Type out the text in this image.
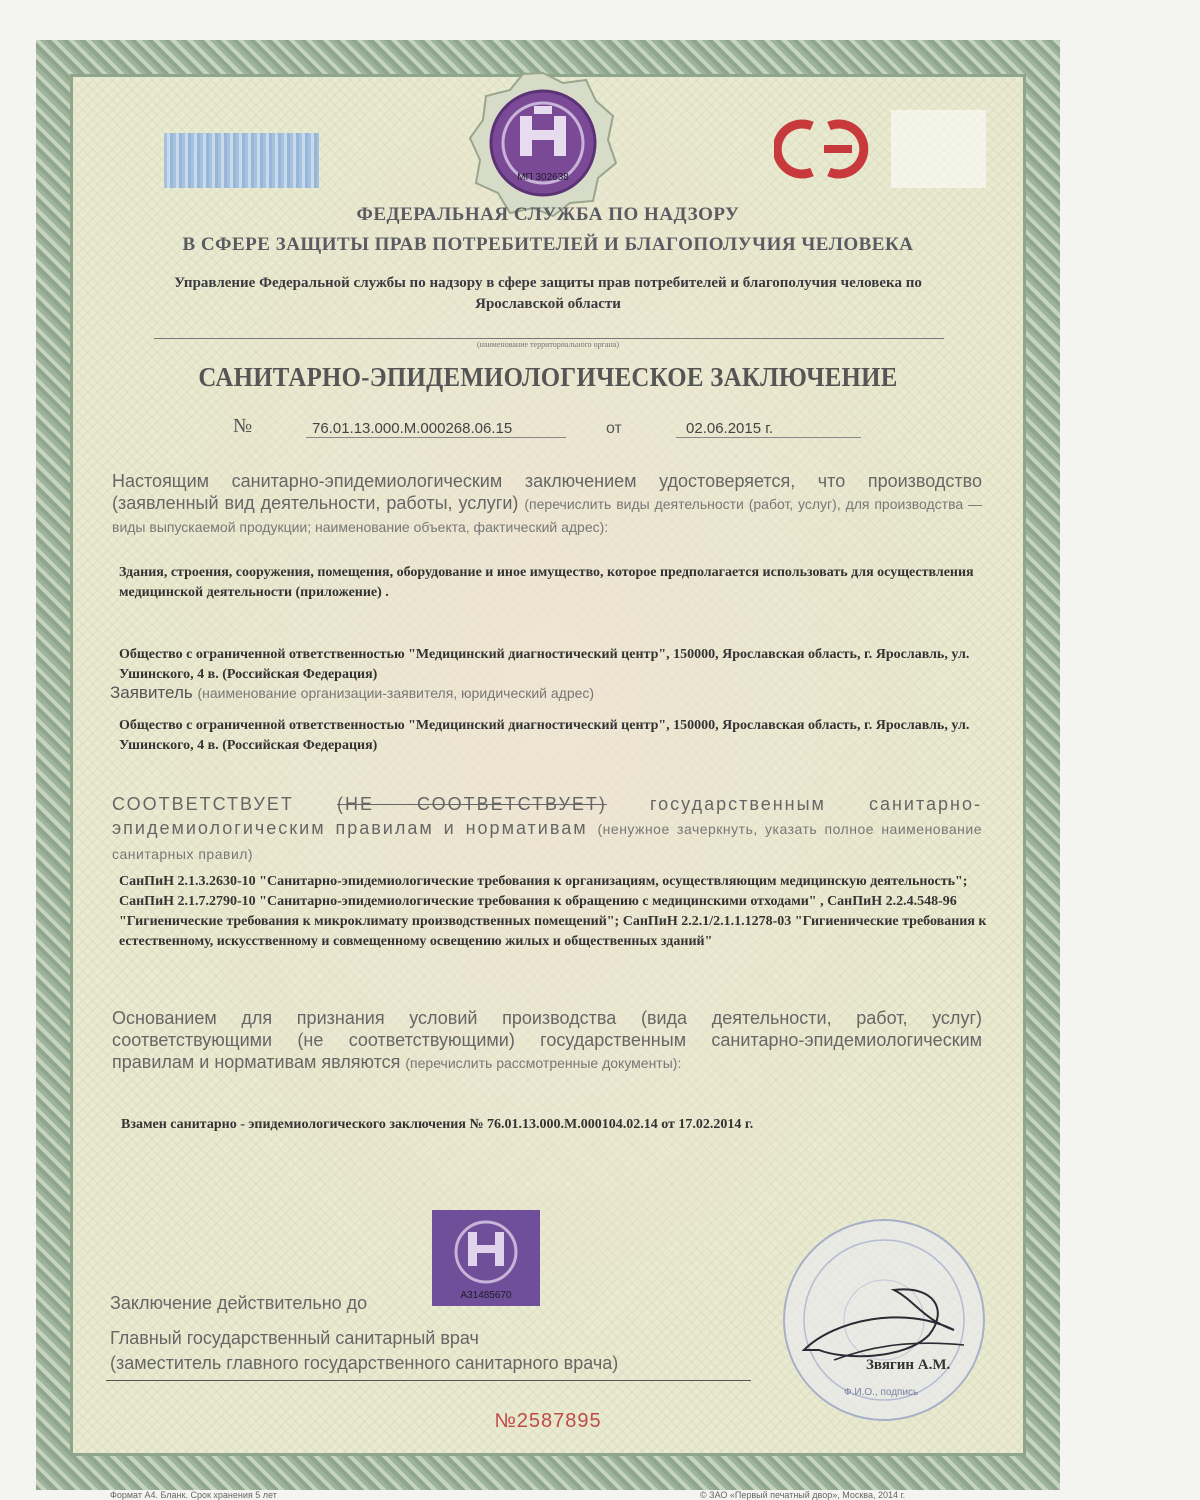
МП 302638
ФЕДЕРАЛЬНАЯ СЛУЖБА ПО НАДЗОРУ
В СФЕРЕ ЗАЩИТЫ ПРАВ ПОТРЕБИТЕЛЕЙ И БЛАГОПОЛУЧИЯ ЧЕЛОВЕКА
Управление Федеральной службы по надзору в сфере защиты прав потребителей и благополучия человека по
Ярославской области
(наименование территориального органа)
САНИТАРНО-ЭПИДЕМИОЛОГИЧЕСКОЕ ЗАКЛЮЧЕНИЕ
№	76.01.13.000.М.000268.06.15	от	02.06.2015 г.
Настоящим санитарно-эпидемиологическим заключением удостоверяется, что производство (заявленный вид деятельности, работы, услуги) (перечислить виды деятельности (работ, услуг), для производства — виды выпускаемой продукции; наименование объекта, фактический адрес):
Здания, строения, сооружения, помещения, оборудование и иное имущество, которое предполагается использовать для осуществления медицинской деятельности (приложение) .
Общество с ограниченной ответственностью "Медицинский диагностический центр", 150000, Ярославская область, г. Ярославль, ул. Ушинского, 4 в. (Российская Федерация)
Заявитель (наименование организации-заявителя, юридический адрес)
Общество с ограниченной ответственностью "Медицинский диагностический центр", 150000, Ярославская область, г. Ярославль, ул. Ушинского, 4 в. (Российская Федерация)
СООТВЕТСТВУЕТ (НЕ СООТВЕТСТВУЕТ) государственным санитарно-эпидемиологическим правилам и нормативам (ненужное зачеркнуть, указать полное наименование санитарных правил)
СанПиН 2.1.3.2630-10 "Санитарно-эпидемиологические требования к организациям, осуществляющим медицинскую деятельность"; СанПиН 2.1.7.2790-10 "Санитарно-эпидемиологические требования к обращению с медицинскими отходами" , СанПиН 2.2.4.548-96 "Гигиенические требования к микроклимату производственных помещений"; СанПиН 2.2.1/2.1.1.1278-03 "Гигиенические требования к естественному, искусственному и совмещенному освещению жилых и общественных зданий"
Основанием для признания условий производства (вида деятельности, работ, услуг) соответствующими (не соответствующими) государственным санитарно-эпидемиологическим правилам и нормативам являются (перечислить рассмотренные документы):
Взамен санитарно - эпидемиологического заключения № 76.01.13.000.М.000104.02.14 от 17.02.2014 г.
А31485670
Заключение действительно до
Главный государственный санитарный врач
(заместитель главного государственного санитарного врача)
Ф.И.О., подпись
Звягин А.М.
№2587895
Формат А4. Бланк. Срок хранения 5 лет	© ЗАО «Первый печатный двор», Москва, 2014 г.
